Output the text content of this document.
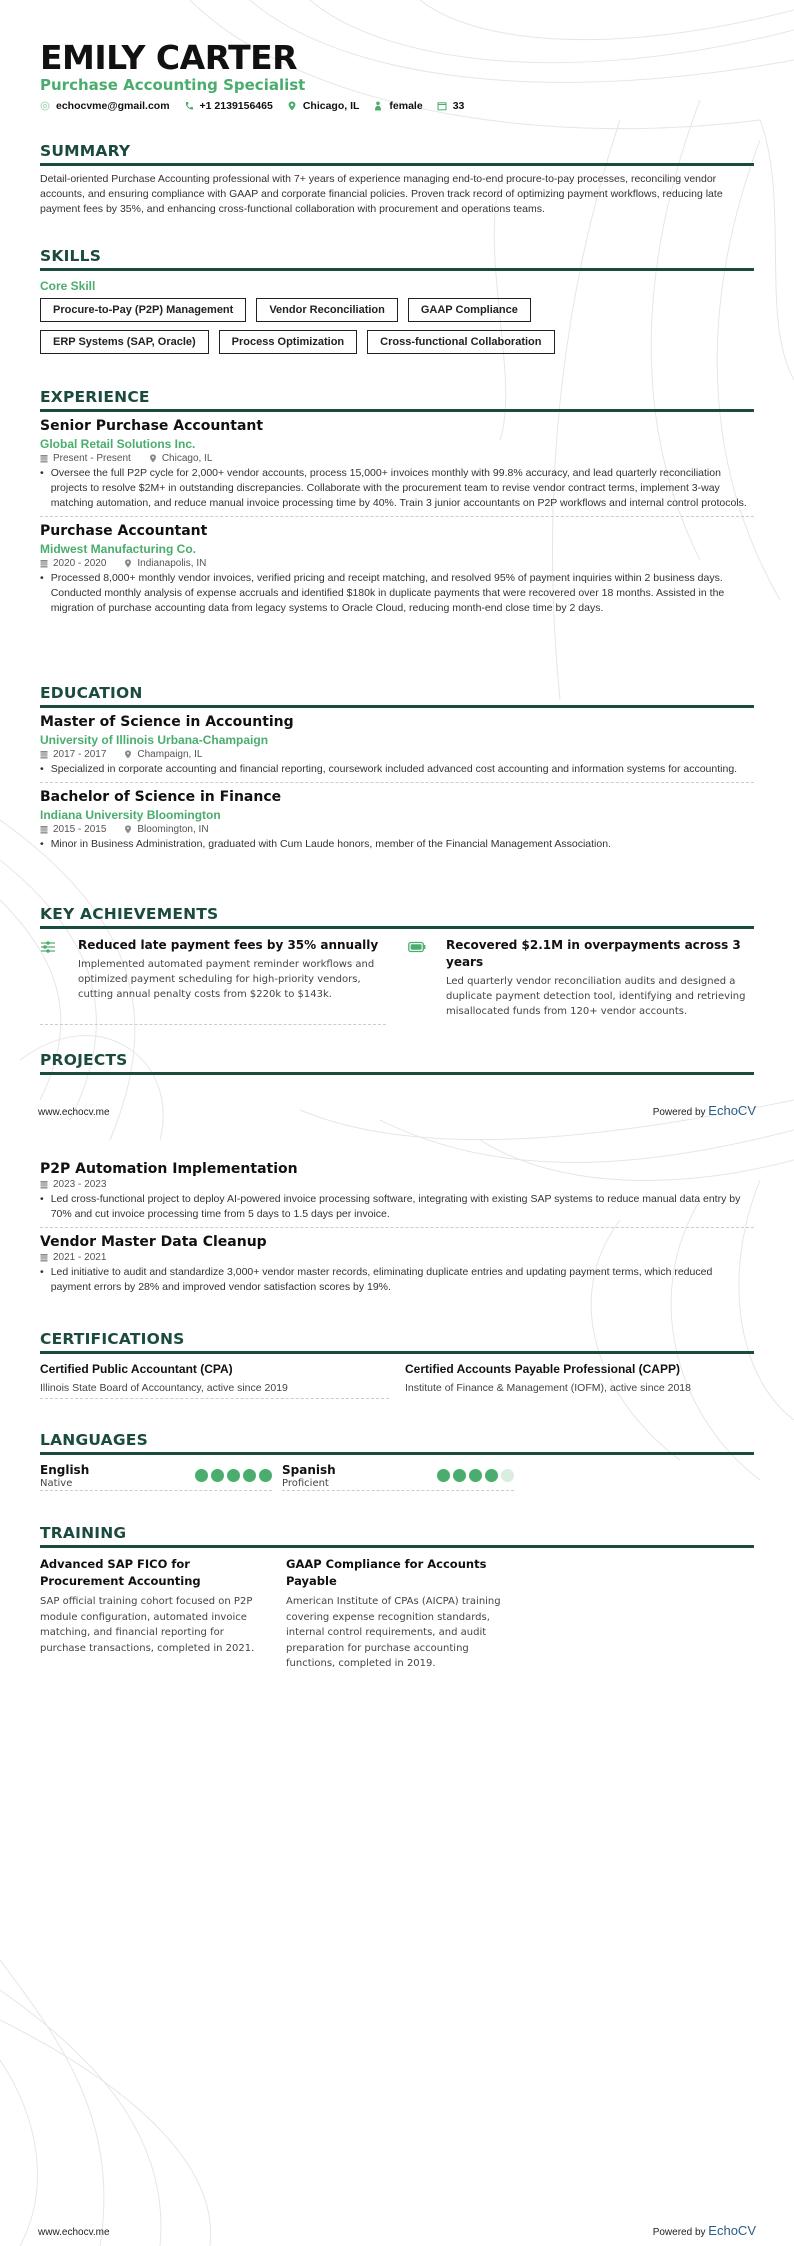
EMILY CARTER
Purchase Accounting Specialist
echocvme@gmail.com	+1 2139156465	Chicago, IL	female	33
SUMMARY
Detail-oriented Purchase Accounting professional with 7+ years of experience managing end-to-end procure-to-pay processes, reconciling vendor accounts, and ensuring compliance with GAAP and corporate financial policies. Proven track record of optimizing payment workflows, reducing late payment fees by 35%, and enhancing cross-functional collaboration with procurement and operations teams.
SKILLS
Core Skill
Procure-to-Pay (P2P) Management	Vendor Reconciliation	GAAP Compliance
ERP Systems (SAP, Oracle)	Process Optimization	Cross-functional Collaboration
EXPERIENCE
Senior Purchase Accountant
Global Retail Solutions Inc.
Present - Present	Chicago, IL
• Oversee the full P2P cycle for 2,000+ vendor accounts, process 15,000+ invoices monthly with 99.8% accuracy, and lead quarterly reconciliation projects to resolve $2M+ in outstanding discrepancies. Collaborate with the procurement team to revise vendor contract terms, implement 3-way matching automation, and reduce manual invoice processing time by 40%. Train 3 junior accountants on P2P workflows and internal control protocols.
Purchase Accountant
Midwest Manufacturing Co.
2020 - 2020	Indianapolis, IN
• Processed 8,000+ monthly vendor invoices, verified pricing and receipt matching, and resolved 95% of payment inquiries within 2 business days. Conducted monthly analysis of expense accruals and identified $180k in duplicate payments that were recovered over 18 months. Assisted in the migration of purchase accounting data from legacy systems to Oracle Cloud, reducing month-end close time by 2 days.
EDUCATION
Master of Science in Accounting
University of Illinois Urbana-Champaign
2017 - 2017	Champaign, IL
• Specialized in corporate accounting and financial reporting, coursework included advanced cost accounting and information systems for accounting.
Bachelor of Science in Finance
Indiana University Bloomington
2015 - 2015	Bloomington, IN
• Minor in Business Administration, graduated with Cum Laude honors, member of the Financial Management Association.
KEY ACHIEVEMENTS
Reduced late payment fees by 35% annually
Implemented automated payment reminder workflows and optimized payment scheduling for high-priority vendors, cutting annual penalty costs from $220k to $143k.
Recovered $2.1M in overpayments across 3 years
Led quarterly vendor reconciliation audits and designed a duplicate payment detection tool, identifying and retrieving misallocated funds from 120+ vendor accounts.
PROJECTS
www.echocv.me	Powered by EchoCV
P2P Automation Implementation
2023 - 2023
• Led cross-functional project to deploy AI-powered invoice processing software, integrating with existing SAP systems to reduce manual data entry by 70% and cut invoice processing time from 5 days to 1.5 days per invoice.
Vendor Master Data Cleanup
2021 - 2021
• Led initiative to audit and standardize 3,000+ vendor master records, eliminating duplicate entries and updating payment terms, which reduced payment errors by 28% and improved vendor satisfaction scores by 19%.
CERTIFICATIONS
Certified Public Accountant (CPA)
Illinois State Board of Accountancy, active since 2019
Certified Accounts Payable Professional (CAPP)
Institute of Finance & Management (IOFM), active since 2018
LANGUAGES
English
Native
Spanish
Proficient
TRAINING
Advanced SAP FICO for Procurement Accounting
SAP official training cohort focused on P2P module configuration, automated invoice matching, and financial reporting for purchase transactions, completed in 2021.
GAAP Compliance for Accounts Payable
American Institute of CPAs (AICPA) training covering expense recognition standards, internal control requirements, and audit preparation for purchase accounting functions, completed in 2019.
www.echocv.me	Powered by EchoCV
